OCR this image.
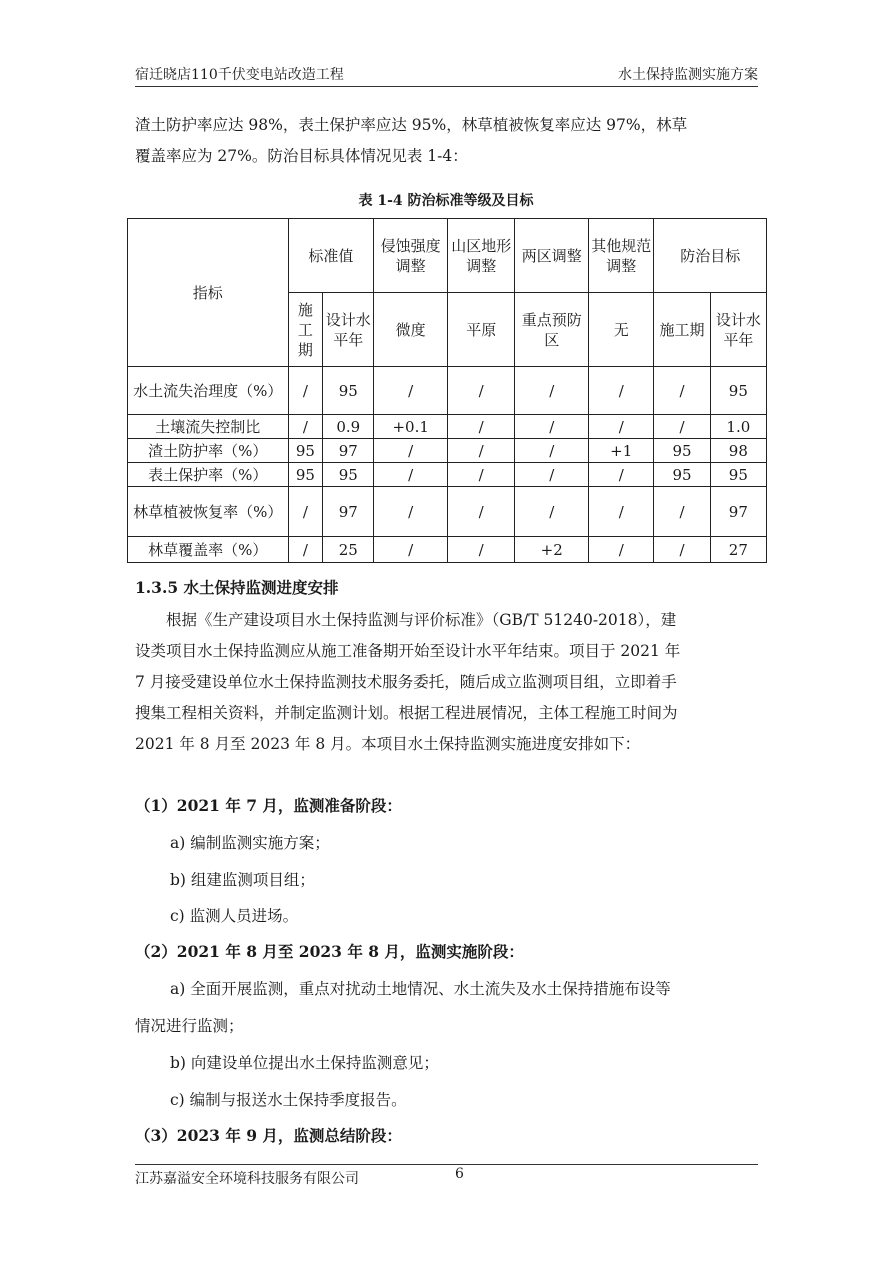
宿迁晓店110千伏变电站改造工程	水土保持监测实施方案
渣土防护率应达 98%，表土保护率应达 95%，林草植被恢复率应达 97%，林草
覆盖率应为 27%。防治目标具体情况见表 1-4：
表 1-4 防治标准等级及目标
指标	标准值		侵蚀强度调整	山区地形调整	两区调整	其他规范调整	防治目标	
	施工期	设计水平年	微度	平原	重点预防区	无	施工期	设计水平年
水土流失治理度（%）	/	95	/	/	/	/	/	95
土壤流失控制比	/	0.9	+0.1	/	/	/	/	1.0
渣土防护率（%）	95	97	/	/	/	+1	95	98
表土保护率（%）	95	95	/	/	/	/	95	95
林草植被恢复率（%）	/	97	/	/	/	/	/	97
林草覆盖率（%）	/	25	/	/	+2	/	/	27
1.3.5 水土保持监测进度安排
　　根据《生产建设项目水土保持监测与评价标准》（GB/T 51240-2018），建
设类项目水土保持监测应从施工准备期开始至设计水平年结束。项目于 2021 年
7 月接受建设单位水土保持监测技术服务委托，随后成立监测项目组，立即着手
搜集工程相关资料，并制定监测计划。根据工程进展情况，主体工程施工时间为
2021 年 8 月至 2023 年 8 月。本项目水土保持监测实施进度安排如下：
（1）2021 年 7 月，监测准备阶段：
a) 编制监测实施方案；
b) 组建监测项目组；
c) 监测人员进场。
（2）2021 年 8 月至 2023 年 8 月，监测实施阶段：
a) 全面开展监测，重点对扰动土地情况、水土流失及水土保持措施布设等
情况进行监测；
b) 向建设单位提出水土保持监测意见；
c) 编制与报送水土保持季度报告。
（3）2023 年 9 月，监测总结阶段：
江苏嘉溢安全环境科技服务有限公司	6
